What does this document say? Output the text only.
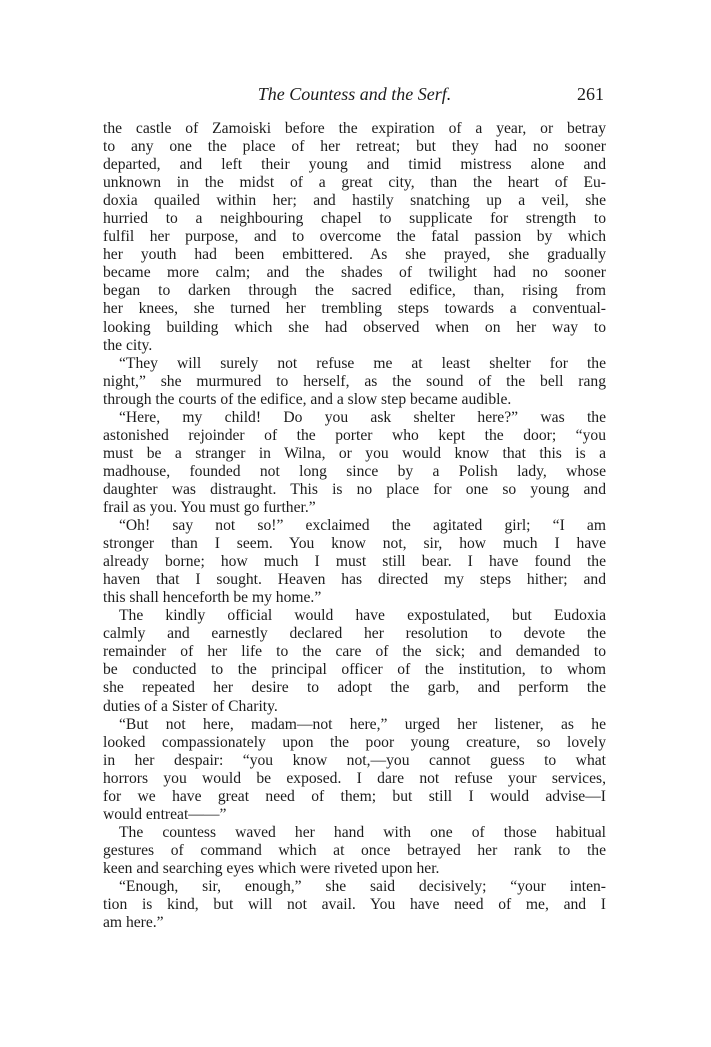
The Countess and the Serf.	261
the castle of Zamoiski before the expiration of a year, or betray
to any one the place of her retreat; but they had no sooner
departed, and left their young and timid mistress alone and
unknown in the midst of a great city, than the heart of Eu-
doxia quailed within her; and hastily snatching up a veil, she
hurried to a neighbouring chapel to supplicate for strength to
fulfil her purpose, and to overcome the fatal passion by which
her youth had been embittered. As she prayed, she gradually
became more calm; and the shades of twilight had no sooner
began to darken through the sacred edifice, than, rising from
her knees, she turned her trembling steps towards a conventual-
looking building which she had observed when on her way to
the city.
“They will surely not refuse me at least shelter for the
night,” she murmured to herself, as the sound of the bell rang
through the courts of the edifice, and a slow step became audible.
“Here, my child! Do you ask shelter here?” was the
astonished rejoinder of the porter who kept the door; “you
must be a stranger in Wilna, or you would know that this is a
madhouse, founded not long since by a Polish lady, whose
daughter was distraught. This is no place for one so young and
frail as you. You must go further.”
“Oh! say not so!” exclaimed the agitated girl; “I am
stronger than I seem. You know not, sir, how much I have
already borne; how much I must still bear. I have found the
haven that I sought. Heaven has directed my steps hither; and
this shall henceforth be my home.”
The kindly official would have expostulated, but Eudoxia
calmly and earnestly declared her resolution to devote the
remainder of her life to the care of the sick; and demanded to
be conducted to the principal officer of the institution, to whom
she repeated her desire to adopt the garb, and perform the
duties of a Sister of Charity.
“But not here, madam—not here,” urged her listener, as he
looked compassionately upon the poor young creature, so lovely
in her despair: “you know not,—you cannot guess to what
horrors you would be exposed. I dare not refuse your services,
for we have great need of them; but still I would advise—I
would entreat——”
The countess waved her hand with one of those habitual
gestures of command which at once betrayed her rank to the
keen and searching eyes which were riveted upon her.
“Enough, sir, enough,” she said decisively; “your inten-
tion is kind, but will not avail. You have need of me, and I
am here.”
